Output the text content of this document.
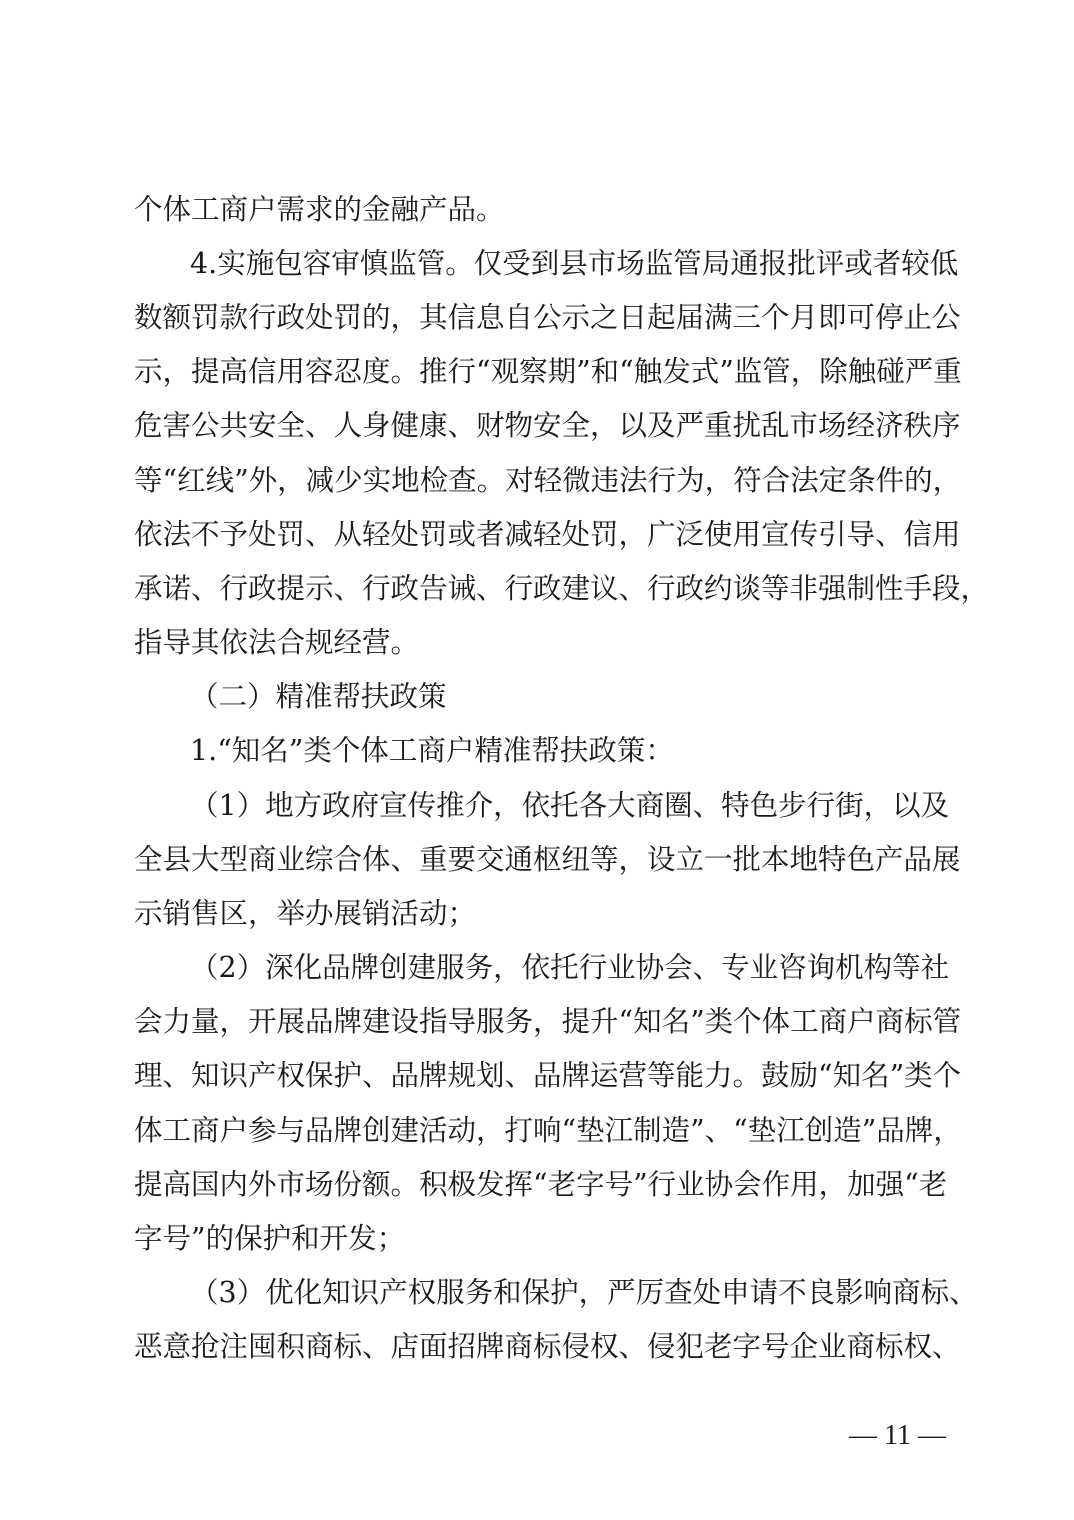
个体工商户需求的金融产品。
4.实施包容审慎监管。仅受到县市场监管局通报批评或者较低
数额罚款行政处罚的，其信息自公示之日起届满三个月即可停止公
示，提高信用容忍度。推行“观察期”和“触发式”监管，除触碰严重
危害公共安全、人身健康、财物安全，以及严重扰乱市场经济秩序
等“红线”外，减少实地检查。对轻微违法行为，符合法定条件的，
依法不予处罚、从轻处罚或者减轻处罚，广泛使用宣传引导、信用
承诺、行政提示、行政告诫、行政建议、行政约谈等非强制性手段，
指导其依法合规经营。
（二）精准帮扶政策
1.“知名”类个体工商户精准帮扶政策：
（1）地方政府宣传推介，依托各大商圈、特色步行街，以及
全县大型商业综合体、重要交通枢纽等，设立一批本地特色产品展
示销售区，举办展销活动；
（2）深化品牌创建服务，依托行业协会、专业咨询机构等社
会力量，开展品牌建设指导服务，提升“知名”类个体工商户商标管
理、知识产权保护、品牌规划、品牌运营等能力。鼓励“知名”类个
体工商户参与品牌创建活动，打响“垫江制造”、“垫江创造”品牌，
提高国内外市场份额。积极发挥“老字号”行业协会作用，加强“老
字号”的保护和开发；
（3）优化知识产权服务和保护，严厉查处申请不良影响商标、
恶意抢注囤积商标、店面招牌商标侵权、侵犯老字号企业商标权、
— 11 —
